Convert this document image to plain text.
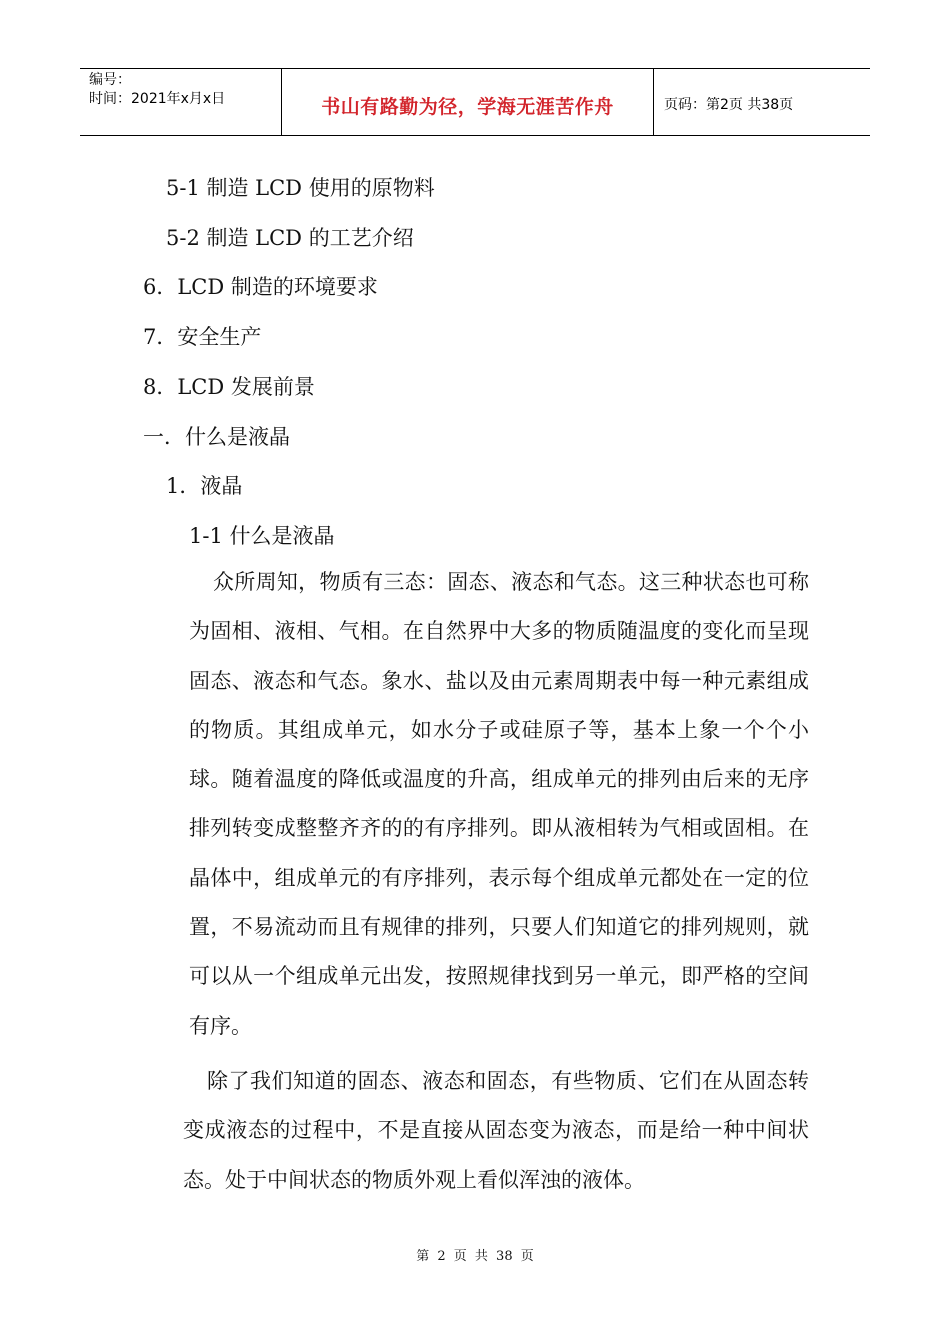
编号：
时间：2021年x月x日	书山有路勤为径，学海无涯苦作舟	页码：第2页 共38页
5-1 制造 LCD 使用的原物料
5-2 制造 LCD 的工艺介绍
6．LCD 制造的环境要求
7．安全生产
8．LCD 发展前景
一．什么是液晶
1．液晶
1-1 什么是液晶

众所周知，物质有三态：固态、液态和气态。这三种状态也可称为固相、液相、气相。在自然界中大多的物质随温度的变化而呈现固态、液态和气态。象水、盐以及由元素周期表中每一种元素组成的物质。其组成单元，如水分子或硅原子等，基本上象一个个小球。随着温度的降低或温度的升高，组成单元的排列由后来的无序排列转变成整整齐齐的的有序排列。即从液相转为气相或固相。在晶体中，组成单元的有序排列，表示每个组成单元都处在一定的位置，不易流动而且有规律的排列，只要人们知道它的排列规则，就可以从一个组成单元出发，按照规律找到另一单元，即严格的空间有序。

除了我们知道的固态、液态和固态，有些物质、它们在从固态转变成液态的过程中，不是直接从固态变为液态，而是给一种中间状态。处于中间状态的物质外观上看似浑浊的液体。

第 2 页 共 38 页
